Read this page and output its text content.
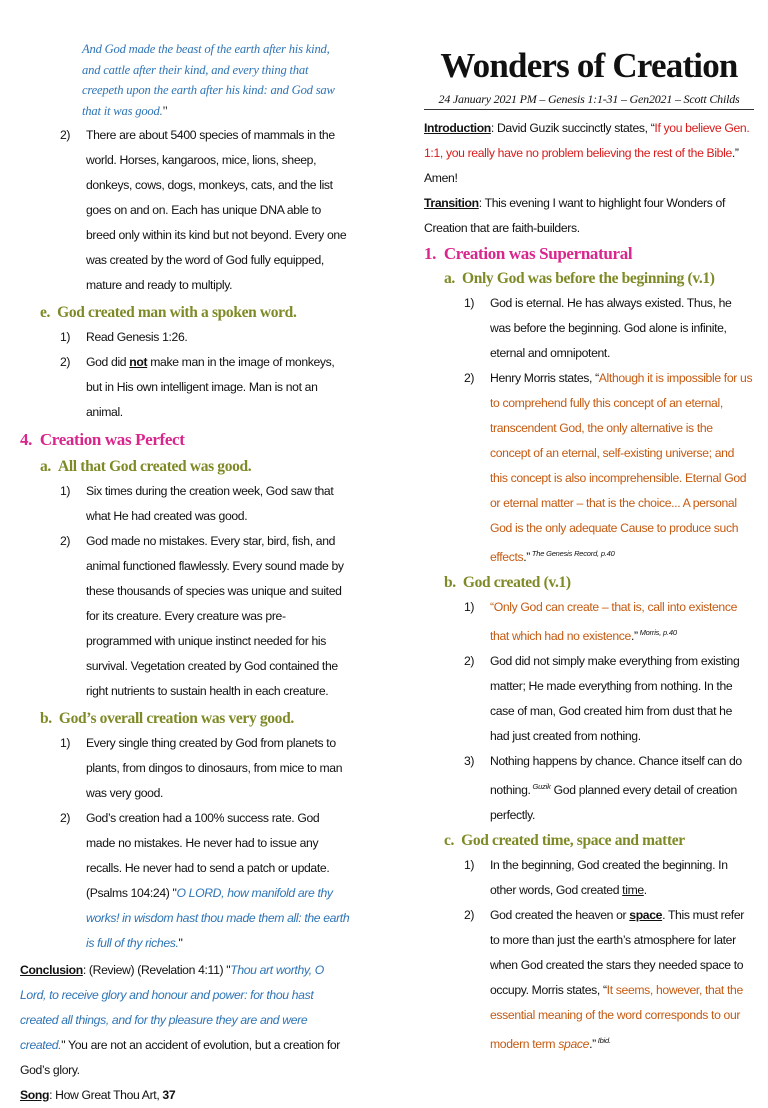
And God made the beast of the earth after his kind, and cattle after their kind, and every thing that creepeth upon the earth after his kind: and God saw that it was good."
2) There are about 5400 species of mammals in the world. Horses, kangaroos, mice, lions, sheep, donkeys, cows, dogs, monkeys, cats, and the list goes on and on. Each has unique DNA able to breed only within its kind but not beyond. Every one was created by the word of God fully equipped, mature and ready to multiply.
e. God created man with a spoken word.
1) Read Genesis 1:26.
2) God did not make man in the image of monkeys, but in His own intelligent image. Man is not an animal.
4. Creation was Perfect
a. All that God created was good.
1) Six times during the creation week, God saw that what He had created was good.
2) God made no mistakes. Every star, bird, fish, and animal functioned flawlessly. Every sound made by these thousands of species was unique and suited for its creature. Every creature was pre-programmed with unique instinct needed for his survival. Vegetation created by God contained the right nutrients to sustain health in each creature.
b. God’s overall creation was very good.
1) Every single thing created by God from planets to plants, from dingos to dinosaurs, from mice to man was very good.
2) God’s creation had a 100% success rate. God made no mistakes. He never had to issue any recalls. He never had to send a patch or update. (Psalms 104:24) "O LORD, how manifold are thy works! in wisdom hast thou made them all: the earth is full of thy riches."
Conclusion: (Review) (Revelation 4:11) "Thou art worthy, O Lord, to receive glory and honour and power: for thou hast created all things, and for thy pleasure they are and were created." You are not an accident of evolution, but a creation for God’s glory.
Song: How Great Thou Art, 37
Wonders of Creation
24 January 2021 PM – Genesis 1:1-31 – Gen2021 – Scott Childs
Introduction: David Guzik succinctly states, “If you believe Gen. 1:1, you really have no problem believing the rest of the Bible.” Amen!
Transition: This evening I want to highlight four Wonders of Creation that are faith-builders.
1. Creation was Supernatural
a. Only God was before the beginning (v.1)
1) God is eternal. He has always existed. Thus, he was before the beginning. God alone is infinite, eternal and omnipotent.
2) Henry Morris states, “Although it is impossible for us to comprehend fully this concept of an eternal, transcendent God, the only alternative is the concept of an eternal, self-existing universe; and this concept is also incomprehensible. Eternal God or eternal matter – that is the choice... A personal God is the only adequate Cause to produce such effects.” $^{The Genesis Record, p.40}$
b. God created (v.1)
1) “Only God can create – that is, call into existence that which had no existence.” $^{Morris, p.40}$
2) God did not simply make everything from existing matter; He made everything from nothing. In the case of man, God created him from dust that he had just created from nothing.
3) Nothing happens by chance. Chance itself can do nothing. $^{Guzik}$ God planned every detail of creation perfectly.
c. God created time, space and matter
1) In the beginning, God created the beginning. In other words, God created time.
2) God created the heaven or space. This must refer to more than just the earth’s atmosphere for later when God created the stars they needed space to occupy. Morris states, “It seems, however, that the essential meaning of the word corresponds to our modern term space.” $^{Ibid.}$
